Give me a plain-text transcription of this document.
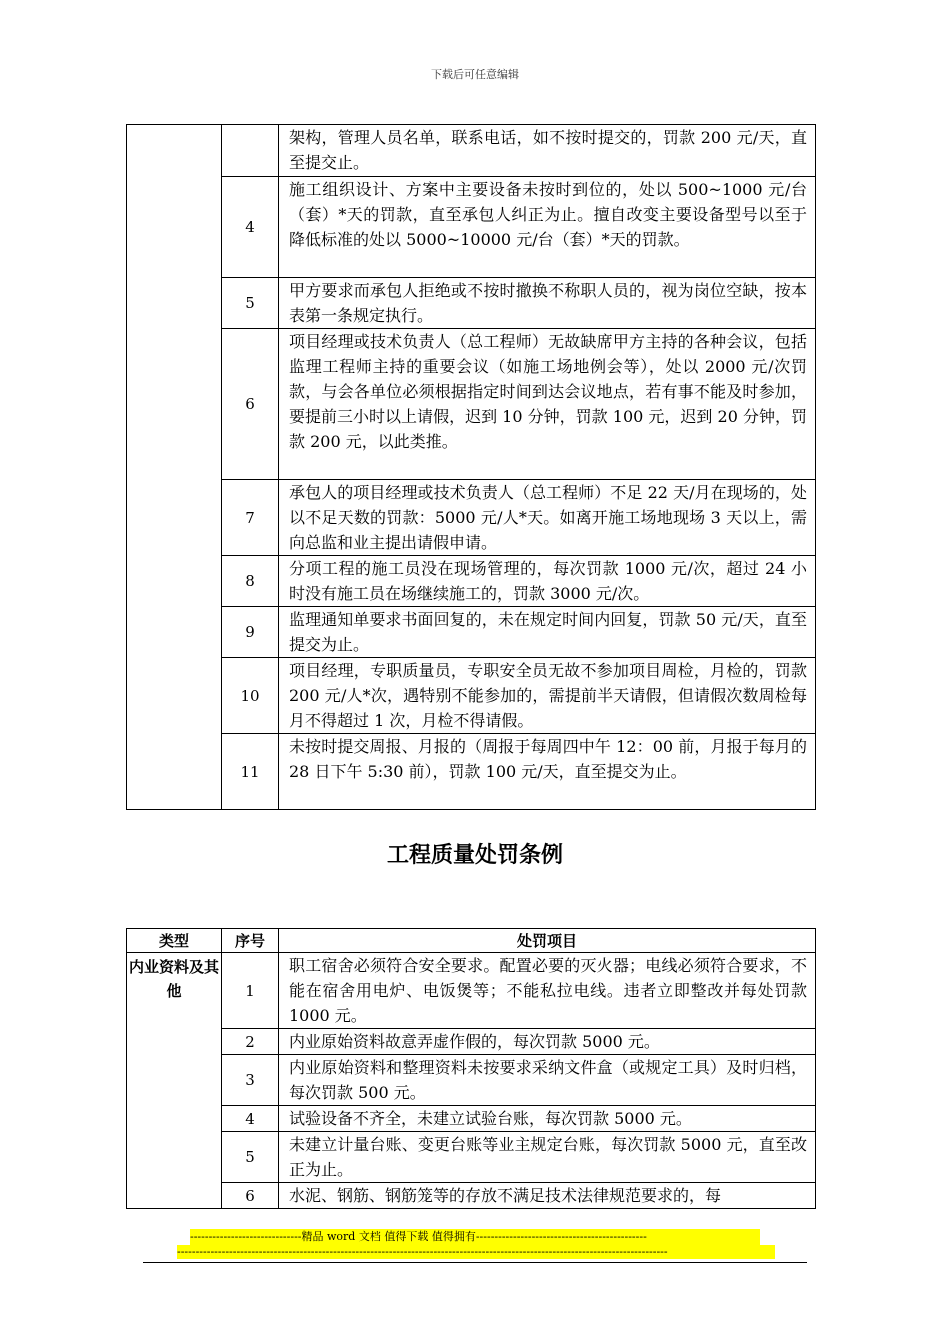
下载后可任意编辑
		架构，管理人员名单，联系电话，如不按时提交的，罚款 200 元/天，直至提交止。
	4	施工组织设计、方案中主要设备未按时到位的，处以 500~1000 元/台（套）*天的罚款，直至承包人纠正为止。擅自改变主要设备型号以至于降低标准的处以 5000~10000 元/台（套）*天的罚款。
	5	甲方要求而承包人拒绝或不按时撤换不称职人员的，视为岗位空缺，按本表第一条规定执行。
	6	项目经理或技术负责人（总工程师）无故缺席甲方主持的各种会议，包括监理工程师主持的重要会议（如施工场地例会等），处以 2000 元/次罚款，与会各单位必须根据指定时间到达会议地点，若有事不能及时参加，要提前三小时以上请假，迟到 10 分钟，罚款 100 元，迟到 20 分钟，罚款 200 元，以此类推。
	7	承包人的项目经理或技术负责人（总工程师）不足 22 天/月在现场的，处以不足天数的罚款：5000 元/人*天。如离开施工场地现场 3 天以上，需向总监和业主提出请假申请。
	8	分项工程的施工员没在现场管理的，每次罚款 1000 元/次，超过 24 小时没有施工员在场继续施工的，罚款 3000 元/次。
	9	监理通知单要求书面回复的，未在规定时间内回复，罚款 50 元/天，直至提交为止。
	10	项目经理，专职质量员，专职安全员无故不参加项目周检，月检的，罚款 200 元/人*次，遇特别不能参加的，需提前半天请假，但请假次数周检每月不得超过 1 次，月检不得请假。
	11	未按时提交周报、月报的（周报于每周四中午 12：00 前，月报于每月的 28 日下午 5:30 前），罚款 100 元/天，直至提交为止。
工程质量处罚条例
类型	序号	处罚项目
内业资料及其他	1	职工宿舍必须符合安全要求。配置必要的灭火器；电线必须符合要求，不能在宿舍用电炉、电饭煲等；不能私拉电线。违者立即整改并每处罚款 1000 元。
	2	内业原始资料故意弄虚作假的，每次罚款 5000 元。
	3	内业原始资料和整理资料未按要求采纳文件盒（或规定工具）及时归档，每次罚款 500 元。
	4	试验设备不齐全，未建立试验台账，每次罚款 5000 元。
	5	未建立计量台账、变更台账等业主规定台账，每次罚款 5000 元，直至改正为止。
	6	水泥、钢筋、钢筋笼等的存放不满足技术法律规范要求的，每
------------------------------精品 word 文档 值得下载 值得拥有----------------------------------------------
------------------------------------------------------------------------------------------------------------------------------------
